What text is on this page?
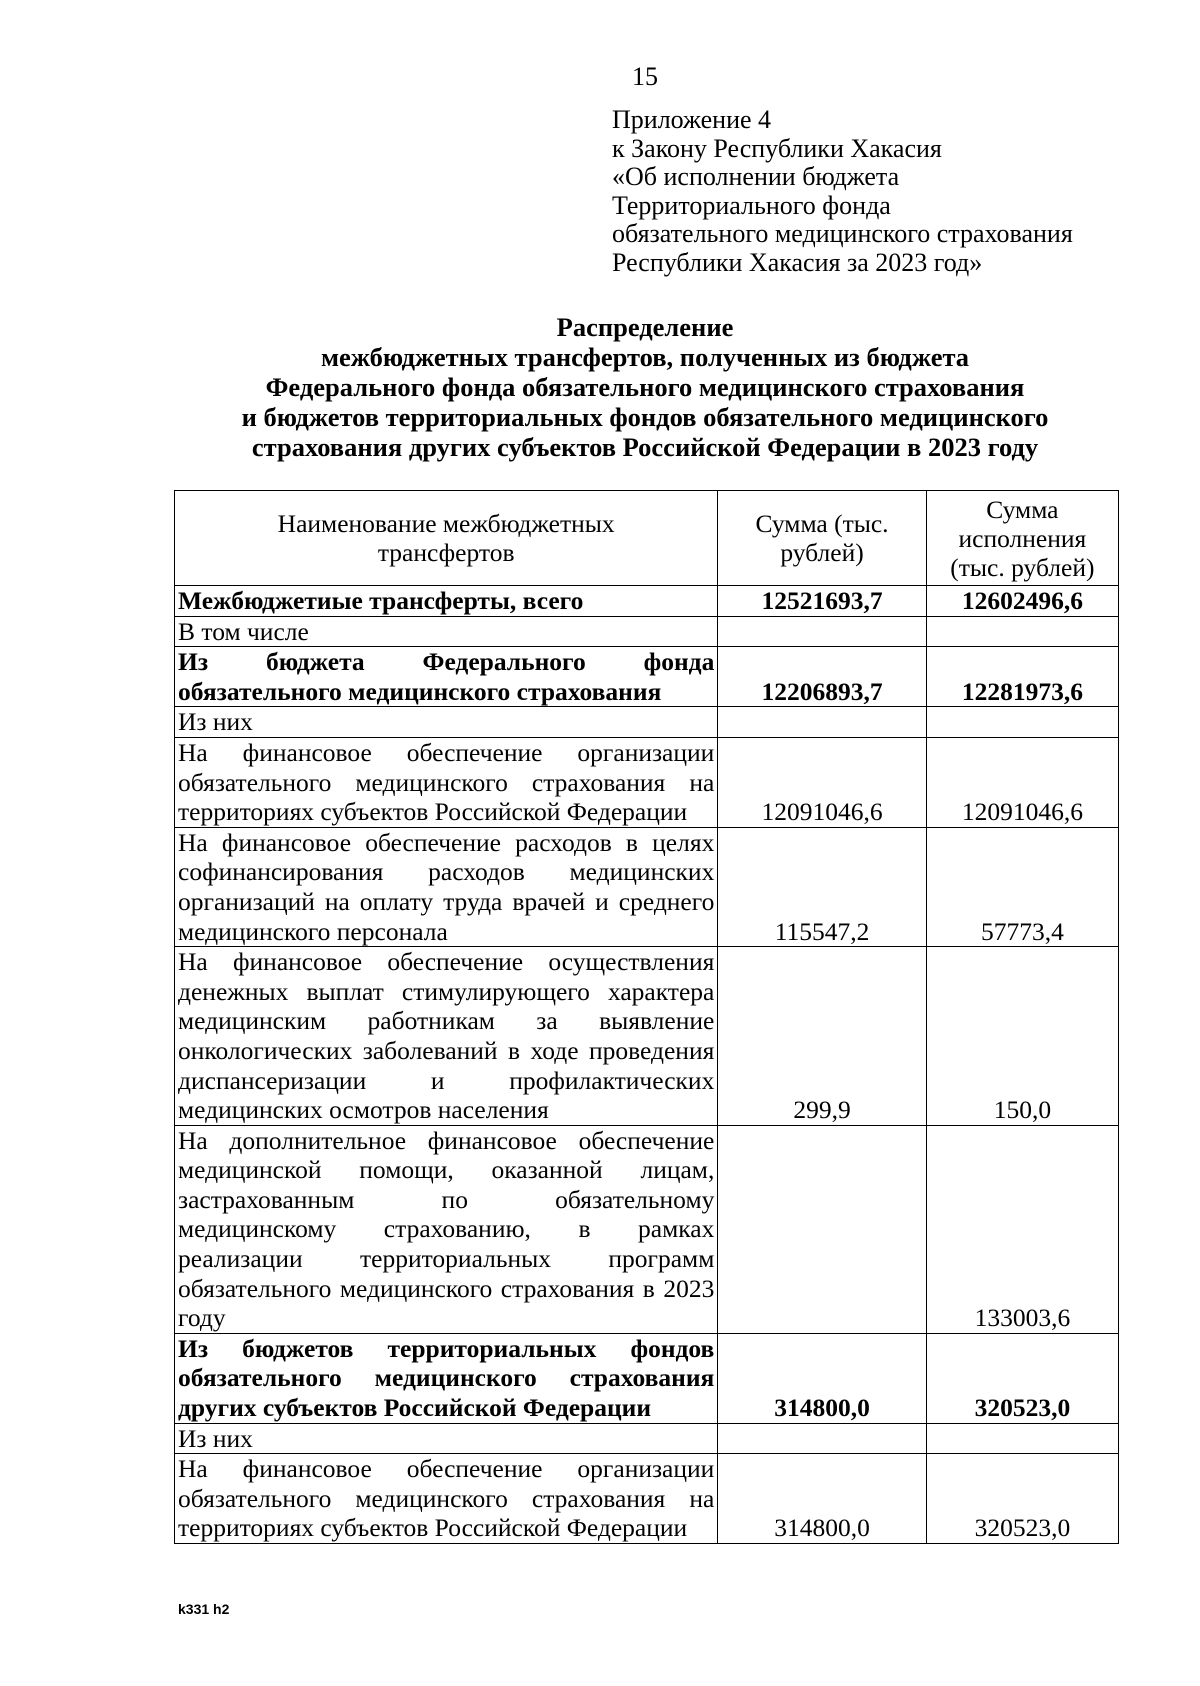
15
Приложение 4
к Закону Республики Хакасия
«Об исполнении бюджета
Территориального фонда
обязательного медицинского страхования
Республики Хакасия за 2023 год»
Распределение
межбюджетных трансфертов, полученных из бюджета
Федерального фонда обязательного медицинского страхования
и бюджетов территориальных фондов обязательного медицинского
страхования других субъектов Российской Федерации в 2023 году
Наименование межбюджетных трансфертов	Сумма (тыс. рублей)	Сумма исполнения (тыс. рублей)
Межбюджетиые трансферты, всего	12521693,7	12602496,6
В том числе		
Из бюджета Федерального фонда обязательного медицинского страхования	12206893,7	12281973,6
Из них		
На финансовое обеспечение организации обязательного медицинского страхования на территориях субъектов Российской Федерации	12091046,6	12091046,6
На финансовое обеспечение расходов в целях софинансирования расходов медицинских организаций на оплату труда врачей и среднего медицинского персонала	115547,2	57773,4
На финансовое обеспечение осуществления денежных выплат стимулирующего характера медицинским работникам за выявление онкологических заболеваний в ходе проведения диспансеризации и профилактических медицинских осмотров населения	299,9	150,0
На дополнительное финансовое обеспечение медицинской помощи, оказанной лицам, застрахованным по обязательному медицинскому страхованию, в рамках реализации территориальных программ обязательного медицинского страхования в 2023 году		133003,6
Из бюджетов территориальных фондов обязательного медицинского страхования других субъектов Российской Федерации	314800,0	320523,0
Из них		
На финансовое обеспечение организации обязательного медицинского страхования на территориях субъектов Российской Федерации	314800,0	320523,0
k331 h2
